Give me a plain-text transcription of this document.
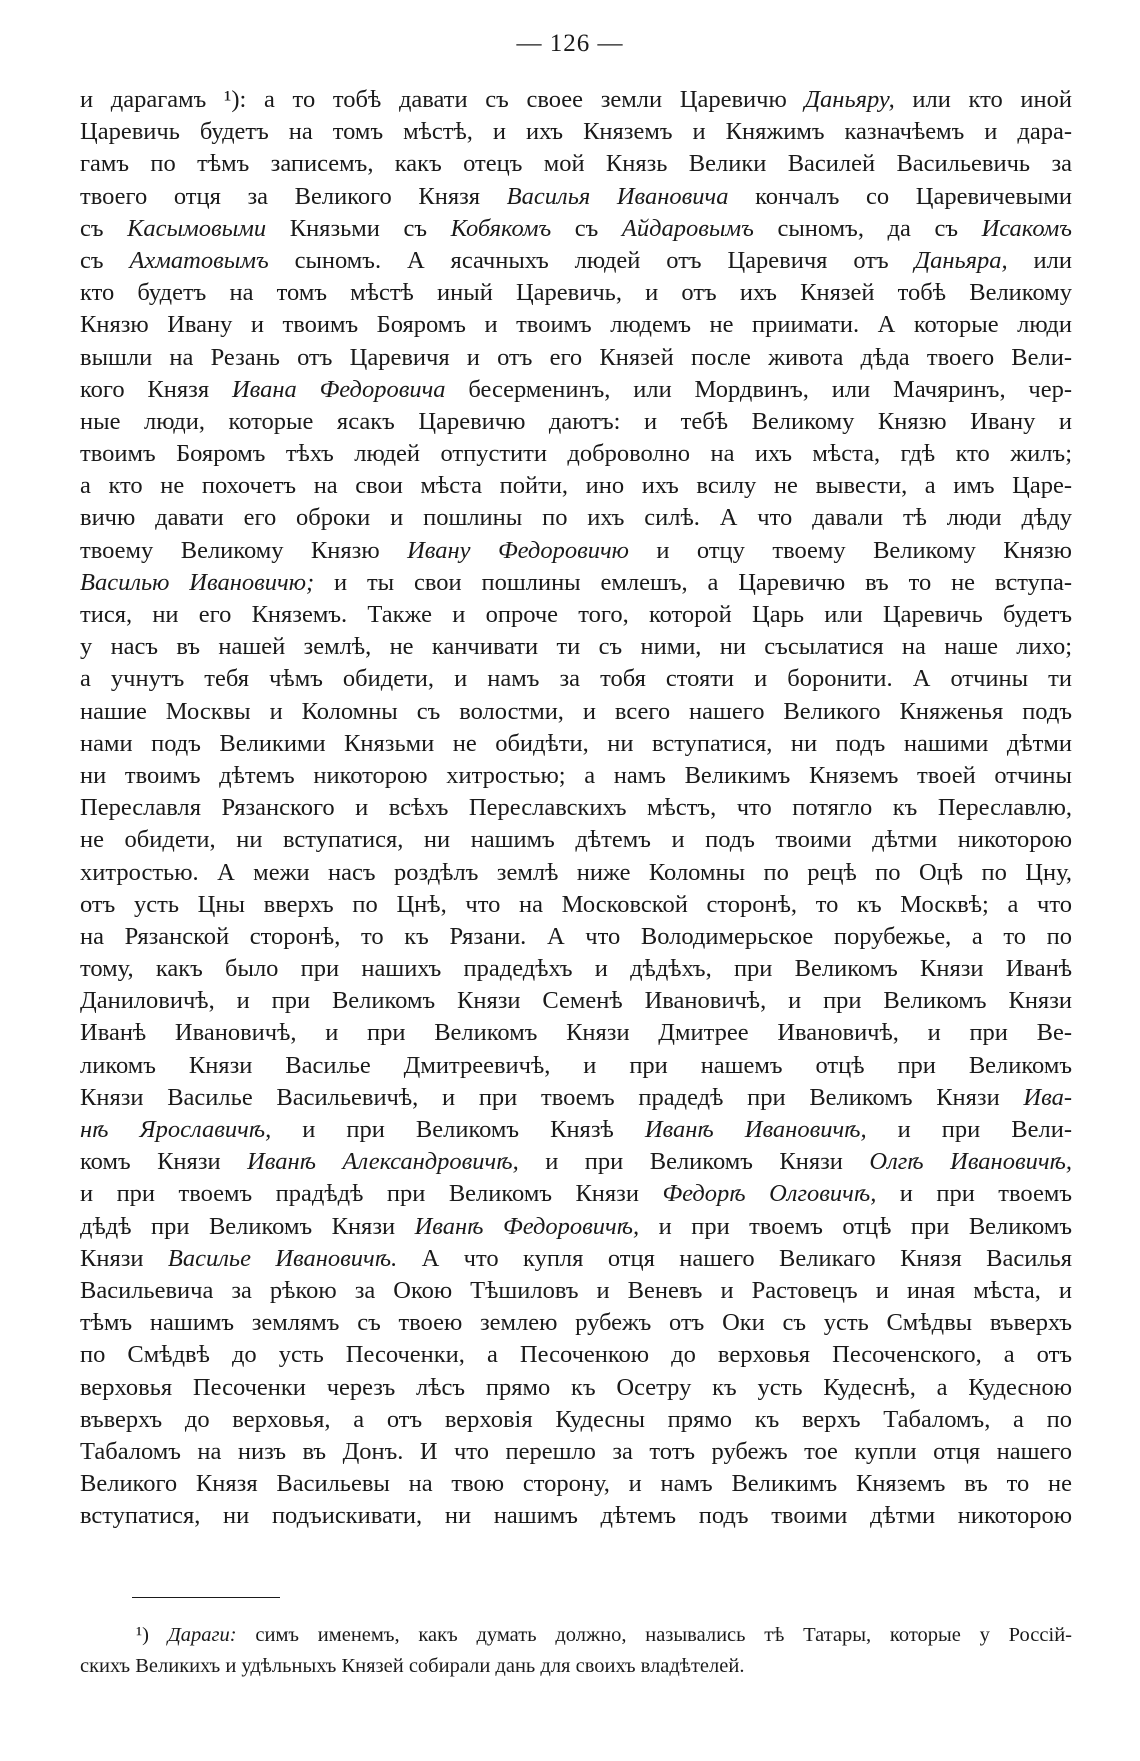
— 126 —
и дарагамъ ¹): а то тобѣ давати съ своее земли Царевичю Даньяру, или кто иной
Царевичь будетъ на томъ мѣстѣ, и ихъ Княземъ и Княжимъ казначѣемъ и дара-
гамъ по тѣмъ записемъ, какъ отецъ мой Князь Велики Василей Васильевичь за
твоего отця за Великого Князя Василья Ивановича кончалъ со Царевичевыми
съ Касымовыми Князьми съ Кобякомъ съ Айдаровымъ сыномъ, да съ Исакомъ
съ Ахматовымъ сыномъ. А ясачныхъ людей отъ Царевичя отъ Даньяра, или
кто будетъ на томъ мѣстѣ иный Царевичь, и отъ ихъ Князей тобѣ Великому
Князю Ивану и твоимъ Бояромъ и твоимъ людемъ не приимати. А которые люди
вышли на Резань отъ Царевичя и отъ его Князей после живота дѣда твоего Вели-
кого Князя Ивана Федоровича бесерменинъ, или Мордвинъ, или Мачяринъ, чер-
ные люди, которые ясакъ Царевичю даютъ: и тебѣ Великому Князю Ивану и
твоимъ Бояромъ тѣхъ людей отпустити доброволно на ихъ мѣста, гдѣ кто жилъ;
а кто не похочетъ на свои мѣста пойти, ино ихъ всилу не вывести, а имъ Царе-
вичю давати его оброки и пошлины по ихъ силѣ. А что давали тѣ люди дѣду
твоему Великому Князю Ивану Федоровичю и отцу твоему Великому Князю
Василью Ивановичю; и ты свои пошлины емлешъ, а Царевичю въ то не вступа-
тися, ни его Княземъ. Также и опроче того, которой Царь или Царевичь будетъ
у насъ въ нашей землѣ, не канчивати ти съ ними, ни съсылатися на наше лихо;
а учнутъ тебя чѣмъ обидети, и намъ за тобя стояти и боронити. А отчины ти
нашие Москвы и Коломны съ волостми, и всего нашего Великого Княженья подъ
нами подъ Великими Князьми не обидѣти, ни вступатися, ни подъ нашими дѣтми
ни твоимъ дѣтемъ никоторою хитростью; а намъ Великимъ Княземъ твоей отчины
Переславля Рязанского и всѣхъ Переславскихъ мѣстъ, что потягло къ Переславлю,
не обидети, ни вступатися, ни нашимъ дѣтемъ и подъ твоими дѣтми никоторою
хитростью. А межи насъ роздѣлъ землѣ ниже Коломны по рецѣ по Оцѣ по Цну,
отъ усть Цны вверхъ по Цнѣ, что на Московской сторонѣ, то къ Москвѣ; а что
на Рязанской сторонѣ, то къ Рязани. А что Володимерьское порубежье, а то по
тому, какъ было при нашихъ прадедѣхъ и дѣдѣхъ, при Великомъ Князи Иванѣ
Даниловичѣ, и при Великомъ Князи Семенѣ Ивановичѣ, и при Великомъ Князи
Иванѣ Ивановичѣ, и при Великомъ Князи Дмитрее Ивановичѣ, и при Ве-
ликомъ Князи Василье Дмитреевичѣ, и при нашемъ отцѣ при Великомъ
Князи Василье Васильевичѣ, и при твоемъ прадедѣ при Великомъ Князи Ива-
нѣ Ярославичѣ, и при Великомъ Князѣ Иванѣ Ивановичѣ, и при Вели-
комъ Князи Иванѣ Александровичѣ, и при Великомъ Князи Олгѣ Ивановичѣ,
и при твоемъ прадѣдѣ при Великомъ Князи Федорѣ Олговичѣ, и при твоемъ
дѣдѣ при Великомъ Князи Иванѣ Федоровичѣ, и при твоемъ отцѣ при Великомъ
Князи Василье Ивановичѣ. А что купля отця нашего Великаго Князя Василья
Васильевича за рѣкою за Окою Тѣшиловъ и Веневъ и Растовецъ и иная мѣста, и
тѣмъ нашимъ землямъ съ твоею землею рубежъ отъ Оки съ усть Смѣдвы въверхъ
по Смѣдвѣ до усть Песоченки, а Песоченкою до верховья Песоченского, а отъ
верховья Песоченки черезъ лѣсъ прямо къ Осетру къ усть Кудеснѣ, а Кудесною
въверхъ до верховья, а отъ верховія Кудесны прямо къ верхъ Табаломъ, а по
Табаломъ на низъ въ Донъ. И что перешло за тотъ рубежъ тое купли отця нашего
Великого Князя Васильевы на твою сторону, и намъ Великимъ Княземъ въ то не
вступатися, ни подъискивати, ни нашимъ дѣтемъ подъ твоими дѣтми никоторою
¹) Дараги: симъ именемъ, какъ думать должно, назывались тѣ Татары, которые у Россій-
скихъ Великихъ и удѣльныхъ Князей собирали дань для своихъ владѣтелей.
